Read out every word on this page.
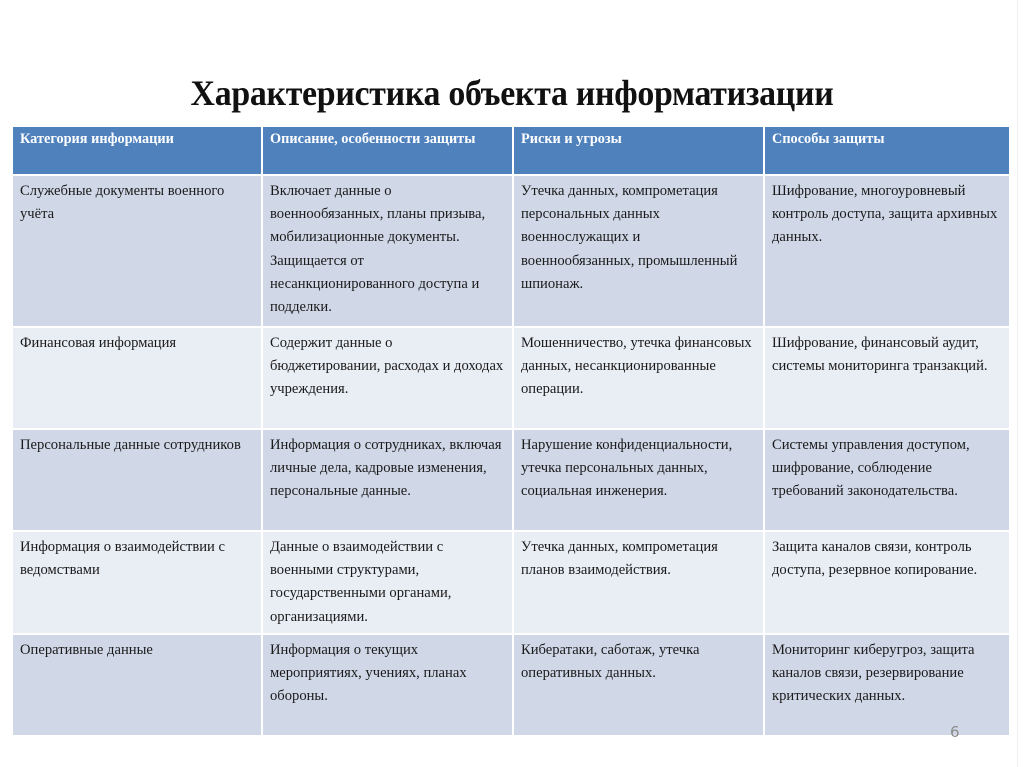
Характеристика объекта информатизации
Категория информации	Описание, особенности защиты	Риски и угрозы	Способы защиты
Служебные документы военного учёта	Включает данные о военнообязанных, планы призыва, мобилизационные документы. Защищается от несанкционированного доступа и подделки.	Утечка данных, компрометация персональных данных военнослужащих и военнообязанных, промышленный шпионаж.	Шифрование, многоуровневый контроль доступа, защита архивных данных.
Финансовая информация	Содержит данные о бюджетировании, расходах и доходах учреждения.	Мошенничество, утечка финансовых данных, несанкционированные операции.	Шифрование, финансовый аудит, системы мониторинга транзакций.
Персональные данные сотрудников	Информация о сотрудниках, включая личные дела, кадровые изменения, персональные данные.	Нарушение конфиденциальности, утечка персональных данных, социальная инженерия.	Системы управления доступом, шифрование, соблюдение требований законодательства.
Информация о взаимодействии с ведомствами	Данные о взаимодействии с военными структурами, государственными органами, организациями.	Утечка данных, компрометация планов взаимодействия.	Защита каналов связи, контроль доступа, резервное копирование.
Оперативные данные	Информация о текущих мероприятиях, учениях, планах обороны.	Кибератаки, саботаж, утечка оперативных данных.	Мониторинг киберугроз, защита каналов связи, резервирование критических данных.
6
